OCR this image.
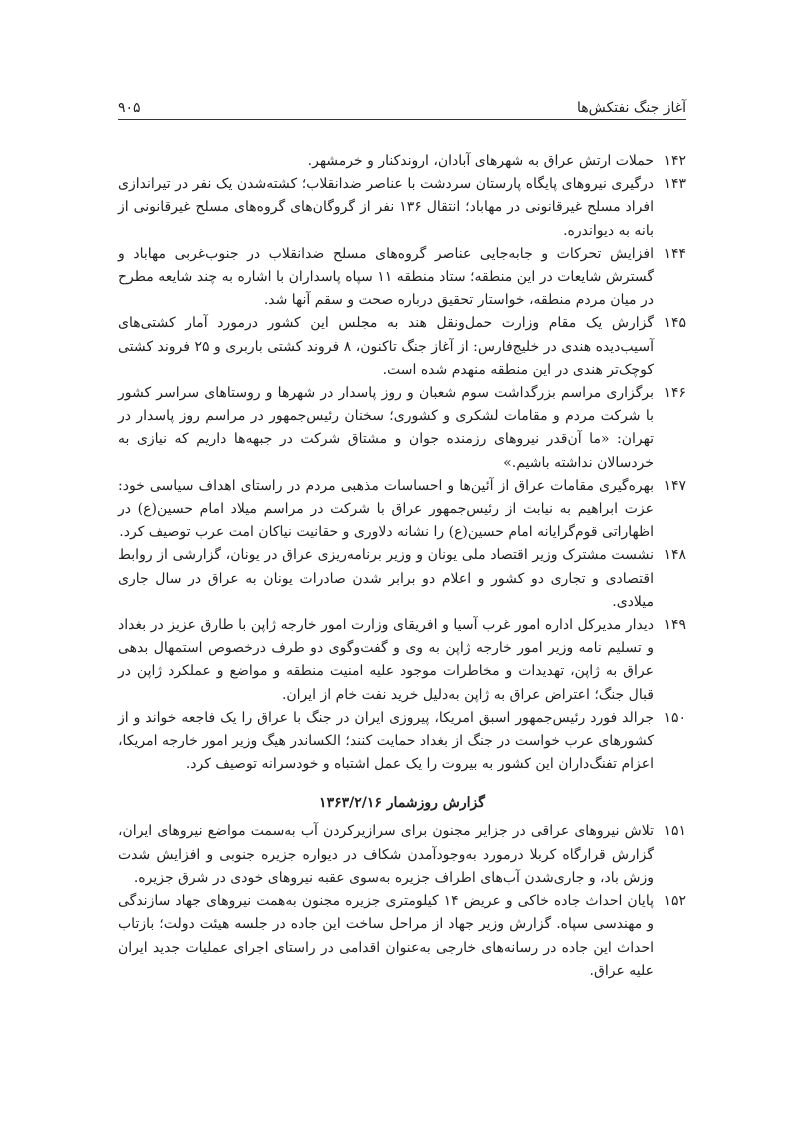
آغاز جنگ نفتکش‌ها
۹۰۵
۱۴۲
حملات ارتش عراق به شهرهای آبادان، اروندکنار و خرمشهر.
۱۴۳
درگیری نیروهای پایگاه پارستان سردشت با عناصر ضدانقلاب؛ کشته‌شدن یک نفر در تیراندازی افراد مسلح غیرقانونی در مهاباد؛ انتقال ۱۳۶ نفر از گروگان‌های گروه‌های مسلح غیرقانونی از بانه به دیواندره.
۱۴۴
افزایش تحرکات و جابه‌جایی عناصر گروه‌های مسلح ضدانقلاب در جنوب‌غربی مهاباد و گسترش شایعات در این منطقه؛ ستاد منطقه ۱۱ سپاه پاسداران با اشاره به چند شایعه مطرح در میان مردم منطقه، خواستار تحقیق درباره صحت و سقم آنها شد.
۱۴۵
گزارش یک مقام وزارت حمل‌ونقل هند به مجلس این کشور درمورد آمار کشتی‌های آسیب‌دیده هندی در خلیج‌فارس: از آغاز جنگ تاکنون، ۸ فروند کشتی باربری و ۲۵ فروند کشتی کوچک‌تر هندی در این منطقه منهدم شده است.
۱۴۶
برگزاری مراسم بزرگداشت سوم شعبان و روز پاسدار در شهرها و روستاهای سراسر کشور با شرکت مردم و مقامات لشکری و کشوری؛ سخنان رئیس‌جمهور در مراسم روز پاسدار در تهران: «ما آن‌قدر نیروهای رزمنده جوان و مشتاق شرکت در جبهه‌ها داریم که نیازی به خردسالان نداشته باشیم.»
۱۴۷
بهره‌گیری مقامات عراق از آئین‌ها و احساسات مذهبی مردم در راستای اهداف سیاسی خود: عزت ابراهیم به نیابت از رئیس‌جمهور عراق با شرکت در مراسم میلاد امام حسین(ع) در اظهاراتی قوم‌گرایانه امام حسین(ع) را نشانه دلاوری و حقانیت نیاکان امت عرب توصیف کرد.
۱۴۸
نشست مشترک وزیر اقتصاد ملی یونان و وزیر برنامه‌ریزی عراق در یونان، گزارشی از روابط اقتصادی و تجاری دو کشور و اعلام دو برابر شدن صادرات یونان به عراق در سال جاری میلادی.
۱۴۹
دیدار مدیرکل اداره امور غرب آسیا و افریقای وزارت امور خارجه ژاپن با طارق عزیز در بغداد و تسلیم نامه وزیر امور خارجه ژاپن به وی و گفت‌وگوی دو طرف درخصوص استمهال بدهی عراق به ژاپن، تهدیدات و مخاطرات موجود علیه امنیت منطقه و مواضع و عملکرد ژاپن در قبال جنگ؛ اعتراض عراق به ژاپن به‌دلیل خرید نفت خام از ایران.
۱۵۰
جرالد فورد رئیس‌جمهور اسبق امریکا، پیروزی ایران در جنگ با عراق را یک فاجعه خواند و از کشورهای عرب خواست در جنگ از بغداد حمایت کنند؛ الکساندر هیگ وزیر امور خارجه امریکا، اعزام تفنگ‌داران این کشور به بیروت را یک عمل اشتباه و خودسرانه توصیف کرد.
گزارش روزشمار ۱۳۶۳/۲/۱۶
۱۵۱
تلاش نیروهای عراقی در جزایر مجنون برای سرازیرکردن آب به‌سمت مواضع نیروهای ایران، گزارش قرارگاه کربلا درمورد به‌وجودآمدن شکاف در دیواره جزیره جنوبی و افزایش شدت وزش باد، و جاری‌شدن آب‌های اطراف جزیره به‌سوی عقبه نیروهای خودی در شرق جزیره.
۱۵۲
پایان احداث جاده خاکی و عریض ۱۴ کیلومتری جزیره مجنون به‌همت نیروهای جهاد سازندگی و مهندسی سپاه. گزارش وزیر جهاد از مراحل ساخت این جاده در جلسه هیئت دولت؛ بازتاب احداث این جاده در رسانه‌های خارجی به‌عنوان اقدامی در راستای اجرای عملیات جدید ایران علیه عراق.
